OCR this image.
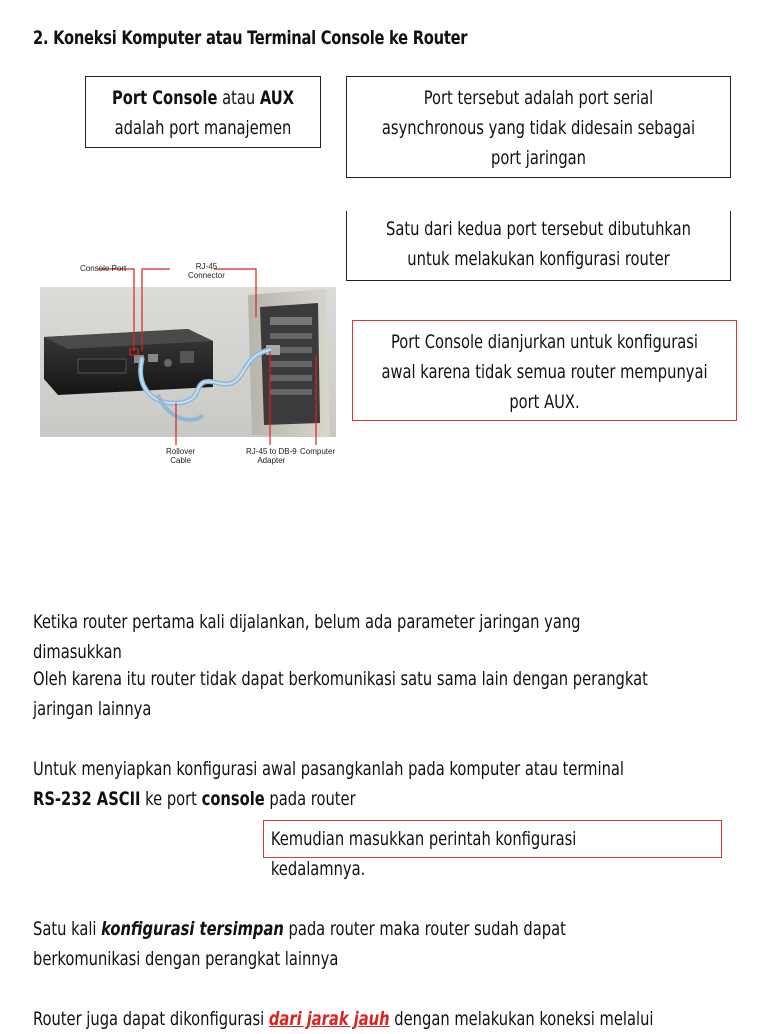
2. Koneksi Komputer atau Terminal Console ke Router
Port Console atau AUX
adalah port manajemen
Port tersebut adalah port serial
asynchronous yang tidak didesain sebagai
port jaringan
Satu dari kedua port tersebut dibutuhkan
untuk melakukan konfigurasi router
Port Console dianjurkan untuk konfigurasi
awal karena tidak semua router mempunyai
port AUX.
Console Port	RJ-45
Connector
Rollover
Cable
RJ-45 to DB-9
Adapter
Computer
Ketika router pertama kali dijalankan, belum ada parameter jaringan yang dimasukkan
Oleh karena itu router tidak dapat berkomunikasi satu sama lain dengan perangkat jaringan lainnya
Untuk menyiapkan konfigurasi awal pasangkanlah pada komputer atau terminal
RS-232 ASCII ke port console pada router
Kemudian masukkan perintah konfigurasi kedalamnya.
Satu kali konfigurasi tersimpan pada router maka router sudah dapat berkomunikasi dengan perangkat lainnya
Router juga dapat dikonfigurasi dari jarak jauh dengan melakukan koneksi melalui
